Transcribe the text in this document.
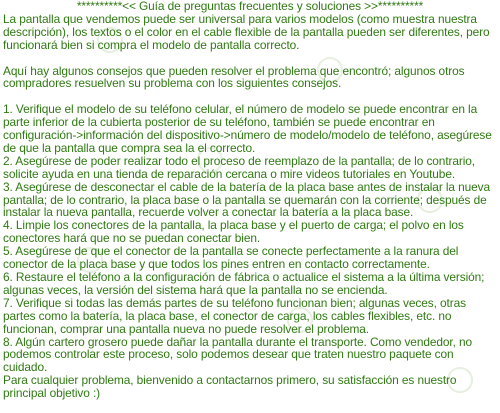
**********<< Guía de preguntas frecuentes y soluciones >>**********

La pantalla que vendemos puede ser universal para varios modelos (como muestra nuestra descripción), los textos o el color en el cable flexible de la pantalla pueden ser diferentes, pero funcionará bien si compra el modelo de pantalla correcto.

Aquí hay algunos consejos que pueden resolver el problema que encontró; algunos otros compradores resuelven su problema con los siguientes consejos.

1. Verifique el modelo de su teléfono celular, el número de modelo se puede encontrar en la parte inferior de la cubierta posterior de su teléfono, también se puede encontrar en configuración->información del dispositivo->número de modelo/modelo de teléfono, asegúrese de que la pantalla que compra sea la el correcto.

2. Asegúrese de poder realizar todo el proceso de reemplazo de la pantalla; de lo contrario, solicite ayuda en una tienda de reparación cercana o mire videos tutoriales en Youtube.

3. Asegúrese de desconectar el cable de la batería de la placa base antes de instalar la nueva pantalla; de lo contrario, la placa base o la pantalla se quemarán con la corriente; después de instalar la nueva pantalla, recuerde volver a conectar la batería a la placa base.

4. Limpie los conectores de la pantalla, la placa base y el puerto de carga; el polvo en los conectores hará que no se puedan conectar bien.

5. Asegúrese de que el conector de la pantalla se conecte perfectamente a la ranura del conector de la placa base y que todos los pines entren en contacto correctamente.

6. Restaure el teléfono a la configuración de fábrica o actualice el sistema a la última versión; algunas veces, la versión del sistema hará que la pantalla no se encienda.

7. Verifique si todas las demás partes de su teléfono funcionan bien; algunas veces, otras partes como la batería, la placa base, el conector de carga, los cables flexibles, etc. no funcionan, comprar una pantalla nueva no puede resolver el problema.

8. Algún cartero grosero puede dañar la pantalla durante el transporte. Como vendedor, no podemos controlar este proceso, solo podemos desear que traten nuestro paquete con cuidado.

Para cualquier problema, bienvenido a contactarnos primero, su satisfacción es nuestro principal objetivo :)
